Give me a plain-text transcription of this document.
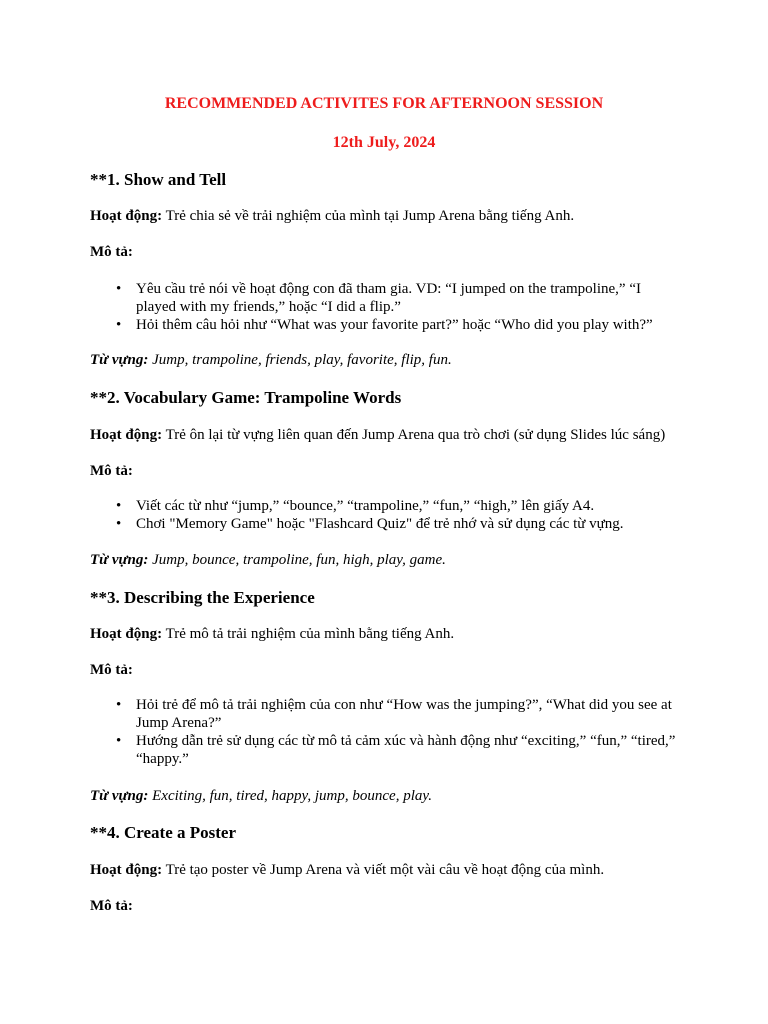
RECOMMENDED ACTIVITES FOR AFTERNOON SESSION
12th July, 2024
**1. Show and Tell
Hoạt động: Trẻ chia sẻ về trải nghiệm của mình tại Jump Arena bằng tiếng Anh.
Mô tả:
• Yêu cầu trẻ nói về hoạt động con đã tham gia. VD: “I jumped on the trampoline,” “I
played with my friends,” hoặc “I did a flip.”
• Hỏi thêm câu hỏi như “What was your favorite part?” hoặc “Who did you play with?”
Từ vựng: Jump, trampoline, friends, play, favorite, flip, fun.
**2. Vocabulary Game: Trampoline Words
Hoạt động: Trẻ ôn lại từ vựng liên quan đến Jump Arena qua trò chơi (sử dụng Slides lúc sáng)
Mô tả:
• Viết các từ như “jump,” “bounce,” “trampoline,” “fun,” “high,” lên giấy A4.
• Chơi "Memory Game" hoặc "Flashcard Quiz" để trẻ nhớ và sử dụng các từ vựng.
Từ vựng: Jump, bounce, trampoline, fun, high, play, game.
**3. Describing the Experience
Hoạt động: Trẻ mô tả trải nghiệm của mình bằng tiếng Anh.
Mô tả:
• Hỏi trẻ để mô tả trải nghiệm của con như “How was the jumping?”, “What did you see at
Jump Arena?”
• Hướng dẫn trẻ sử dụng các từ mô tả cảm xúc và hành động như “exciting,” “fun,” “tired,”
“happy.”
Từ vựng: Exciting, fun, tired, happy, jump, bounce, play.
**4. Create a Poster
Hoạt động: Trẻ tạo poster về Jump Arena và viết một vài câu về hoạt động của mình.
Mô tả:
